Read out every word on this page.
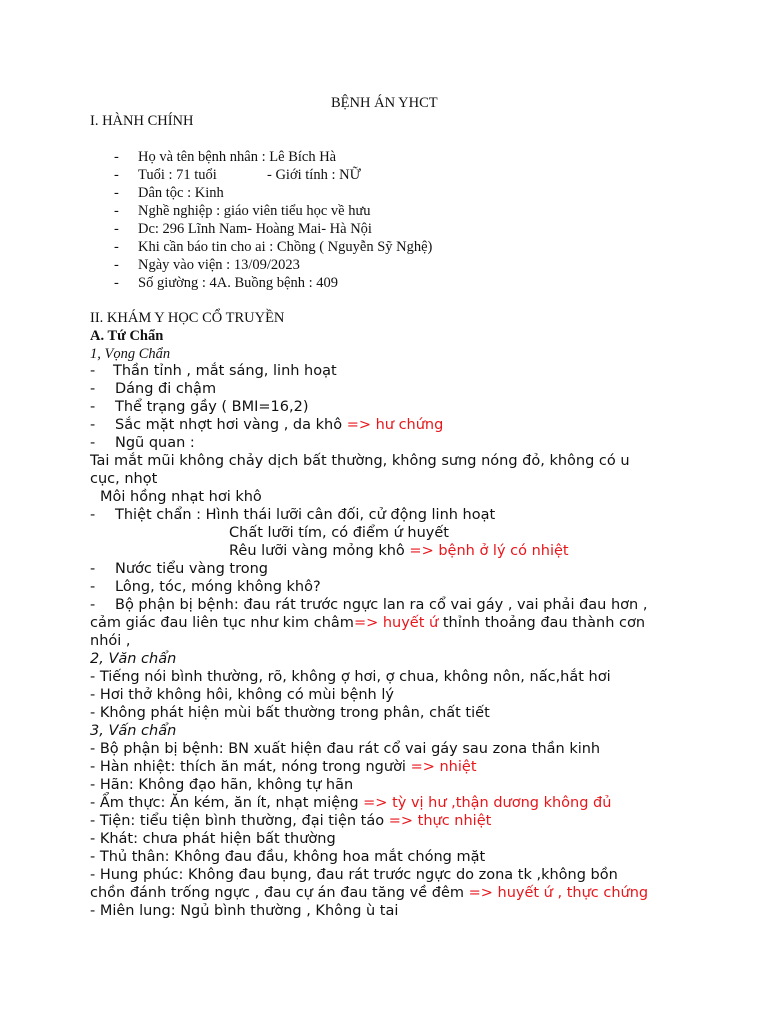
BỆNH ÁN YHCT
I. HÀNH CHÍNH
- Họ và tên bệnh nhân : Lê Bích Hà
- Tuổi : 71 tuổi	- Giới tính : NỮ
- Dân tộc : Kinh
- Nghề nghiệp : giáo viên tiểu học về hưu
- Dc: 296 Lĩnh Nam- Hoàng Mai- Hà Nội
- Khi cần báo tin cho ai : Chồng ( Nguyễn Sỹ Nghệ)
- Ngày vào viện : 13/09/2023
- Số giường : 4A. Buồng bệnh : 409
II. KHÁM Y HỌC CỔ TRUYỀN
A. Tứ Chẩn
1, Vọng Chẩn
- Thần tỉnh , mắt sáng, linh hoạt
- Dáng đi chậm
- Thể trạng gầy ( BMI=16,2)
- Sắc mặt nhợt hơi vàng , da khô => hư chứng
- Ngũ quan :
Tai mắt mũi không chảy dịch bất thường, không sưng nóng đỏ, không có u
cục, nhọt
Môi hồng nhạt hơi khô
- Thiệt chẩn : Hình thái lưỡi cân đối, cử động linh hoạt
Chất lưỡi tím, có điểm ứ huyết
Rêu lưỡi vàng mỏng khô => bệnh ở lý có nhiệt
- Nước tiểu vàng trong
- Lông, tóc, móng không khô?
- Bộ phận bị bệnh: đau rát trước ngực lan ra cổ vai gáy , vai phải đau hơn ,
cảm giác đau liên tục như kim châm=> huyết ứ thỉnh thoảng đau thành cơn
nhói ,
2, Văn chẩn
- Tiếng nói bình thường, rõ, không ợ hơi, ợ chua, không nôn, nấc,hắt hơi
- Hơi thở không hôi, không có mùi bệnh lý
- Không phát hiện mùi bất thường trong phân, chất tiết
3, Vấn chẩn
- Bộ phận bị bệnh: BN xuất hiện đau rát cổ vai gáy sau zona thần kinh
- Hàn nhiệt: thích ăn mát, nóng trong người => nhiệt
- Hãn: Không đạo hãn, không tự hãn
- Ẩm thực: Ăn kém, ăn ít, nhạt miệng => tỳ vị hư ,thận dương không đủ
- Tiện: tiểu tiện bình thường, đại tiện táo => thực nhiệt
- Khát: chưa phát hiện bất thường
- Thủ thân: Không đau đầu, không hoa mắt chóng mặt
- Hung phúc: Không đau bụng, đau rát trước ngực do zona tk ,không bồn
chồn đánh trống ngực , đau cự án đau tăng về đêm => huyết ứ , thực chứng
- Miên lung: Ngủ bình thường , Không ù tai
